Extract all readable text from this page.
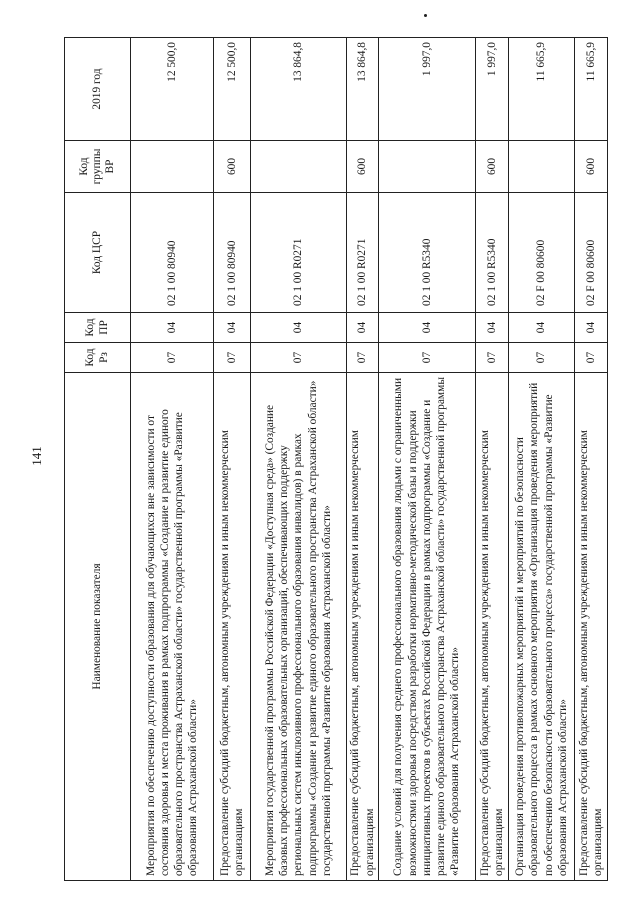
141
Наименование показателя	Код Рз	Код ПР	Код ЦСР	Код группы ВР	2019 год
Мероприятия по обеспечению доступности образования для обучающихся вне зависимости от состояния здоровья и места проживания в рамках подпрограммы «Создание и развитие единого образовательного пространства Астраханской области» государственной программы «Развитие образования Астраханской области»	07	04	02 1 00 80940		12 500,0
Предоставление субсидий бюджетным, автономным учреждениям и иным некоммерческим организациям	07	04	02 1 00 80940	600	12 500,0
Мероприятия государственной программы Российской Федерации «Доступная среда» (Создание базовых профессиональных образовательных организаций, обеспечивающих поддержку региональных систем инклюзивного профессионального образования инвалидов) в рамках подпрограммы «Создание и развитие единого образовательного пространства Астраханской области» государственной программы «Развитие образования Астраханской области»	07	04	02 1 00 R0271		13 864,8
Предоставление субсидий бюджетным, автономным учреждениям и иным некоммерческим организациям	07	04	02 1 00 R0271	600	13 864,8
Создание условий для получения среднего профессионального образования людьми с ограниченными возможностями здоровья посредством разработки нормативно-методической базы и поддержки инициативных проектов в субъектах Российской Федерации в рамках подпрограммы «Создание и развитие единого образовательного пространства Астраханской области» государственной программы «Развитие образования Астраханской области»	07	04	02 1 00 R5340		1 997,0
Предоставление субсидий бюджетным, автономным учреждениям и иным некоммерческим организациям	07	04	02 1 00 R5340	600	1 997,0
Организация проведения противопожарных мероприятий и мероприятий по безопасности образовательного процесса в рамках основного мероприятия «Организация проведения мероприятий по обеспечению безопасности образовательного процесса» государственной программы «Развитие образования Астраханской области»	07	04	02 F 00 80600		11 665,9
Предоставление субсидий бюджетным, автономным учреждениям и иным некоммерческим организациям	07	04	02 F 00 80600	600	11 665,9
